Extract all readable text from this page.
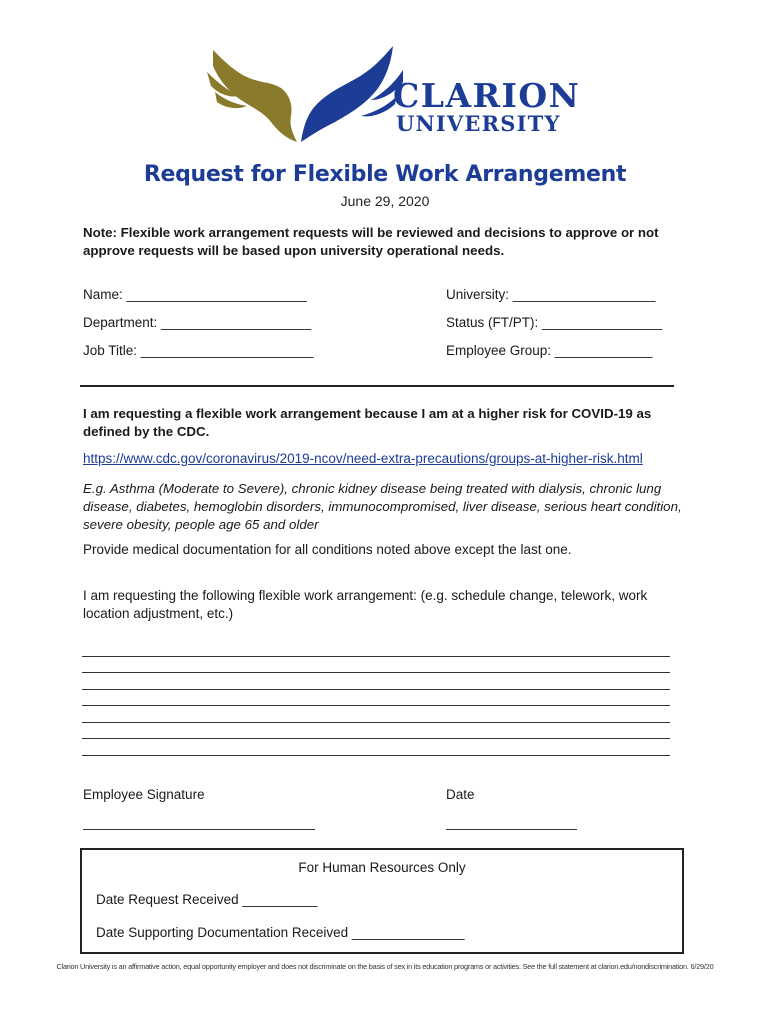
CLARION
UNIVERSITY
Request for Flexible Work Arrangement
June 29, 2020
Note: Flexible work arrangement requests will be reviewed and decisions to approve or not approve requests will be based upon university operational needs.
Name: ________________________	University: ___________________
Department: ____________________	Status (FT/PT): ________________
Job Title: _______________________	Employee Group: _____________
I am requesting a flexible work arrangement because I am at a higher risk for COVID-19 as defined by the CDC.
https://www.cdc.gov/coronavirus/2019-ncov/need-extra-precautions/groups-at-higher-risk.html
E.g. Asthma (Moderate to Severe), chronic kidney disease being treated with dialysis, chronic lung disease, diabetes, hemoglobin disorders, immunocompromised, liver disease, serious heart condition, severe obesity, people age 65 and older
Provide medical documentation for all conditions noted above except the last one.
I am requesting the following flexible work arrangement: (e.g. schedule change, telework, work location adjustment, etc.)
Employee Signature	Date
For Human Resources Only
Date Request Received __________
Date Supporting Documentation Received _______________
Clarion University is an affirmative action, equal opportunity employer and does not discriminate on the basis of sex in its education programs or activities. See the full statement at clarion.edu/nondiscrimination. 6/29/20
